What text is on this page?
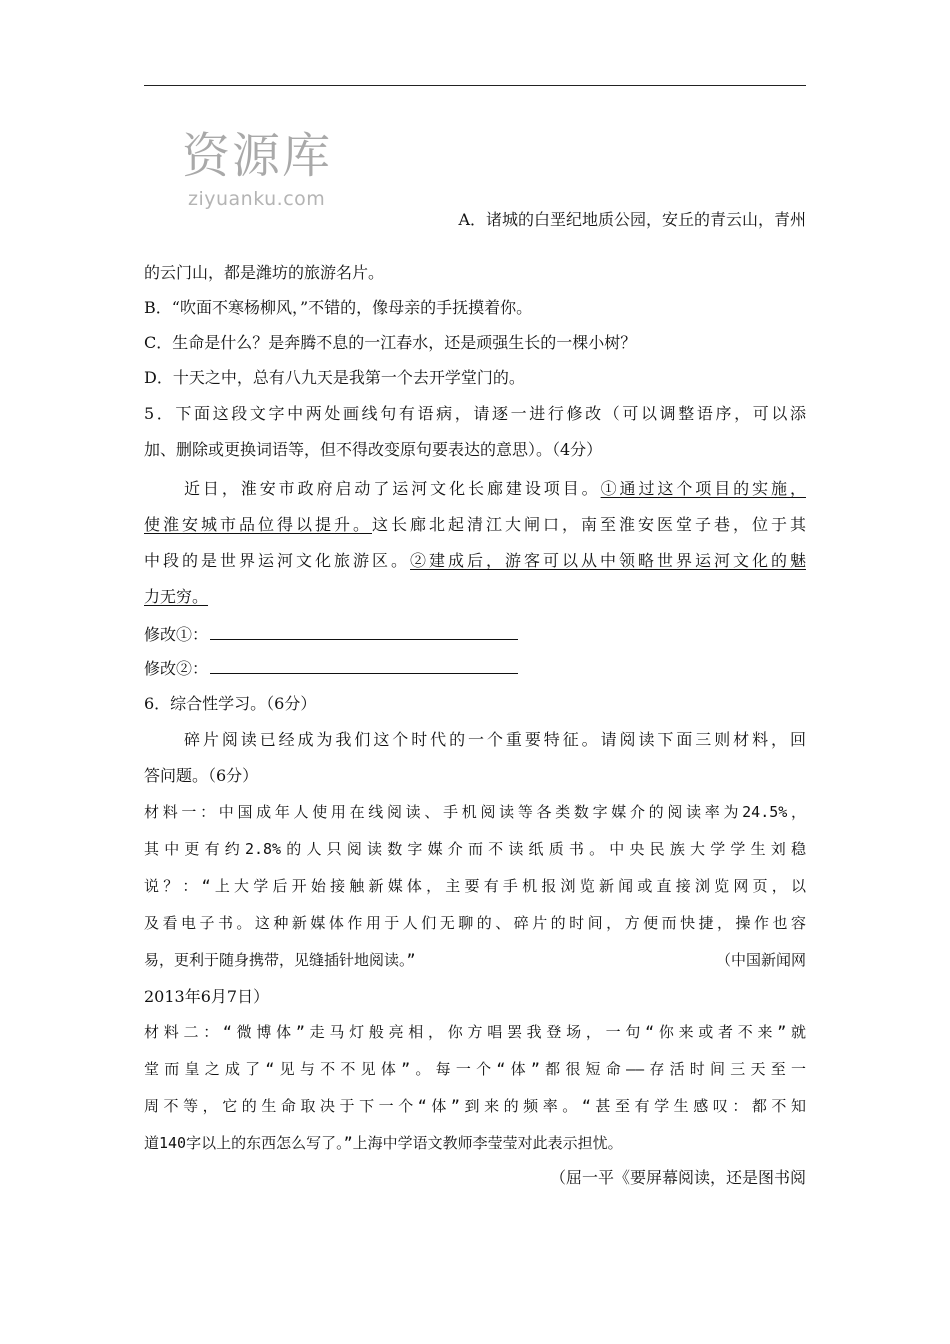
资源库
ziyuanku.com
A．诸城的白垩纪地质公园，安丘的青云山，青州
的云门山，都是潍坊的旅游名片。
B．“吹面不寒杨柳风，”不错的，像母亲的手抚摸着你。
C．生命是什么？是奔腾不息的一江春水，还是顽强生长的一棵小树？
D．十天之中，总有八九天是我第一个去开学堂门的。
5．下面这段文字中两处画线句有语病，请逐一进行修改（可以调整语序，可以添
加、删除或更换词语等，但不得改变原句要表达的意思）。（4分）
近日，淮安市政府启动了运河文化长廊建设项目。①通过这个项目的实施，
使淮安城市品位得以提升。这长廊北起清江大闸口，南至淮安医堂子巷，位于其
中段的是世界运河文化旅游区。②建成后，游客可以从中领略世界运河文化的魅
力无穷。
修改①：
修改②：
6．综合性学习。（6分）
碎片阅读已经成为我们这个时代的一个重要特征。请阅读下面三则材料，回
答问题。（6分）
材料一：中国成年人使用在线阅读、手机阅读等各类数字媒介的阅读率为24.5%，
其中更有约2.8%的人只阅读数字媒介而不读纸质书。中央民族大学学生刘稳
说？：“上大学后开始接触新媒体，主要有手机报浏览新闻或直接浏览网页，以
及看电子书。这种新媒体作用于人们无聊的、碎片的时间，方便而快捷，操作也容
易，更利于随身携带，见缝插针地阅读。”	（中国新闻网
2013年6月7日）
材料二：“微博体”走马灯般亮相，你方唱罢我登场，一句“你来或者不来”就
堂而皇之成了“见与不不见体”。每一个“体”都很短命——存活时间三天至一
周不等，它的生命取决于下一个“体”到来的频率。“甚至有学生感叹：都不知
道140字以上的东西怎么写了。”上海中学语文教师李莹莹对此表示担忧。
（屈一平《要屏幕阅读，还是图书阅
